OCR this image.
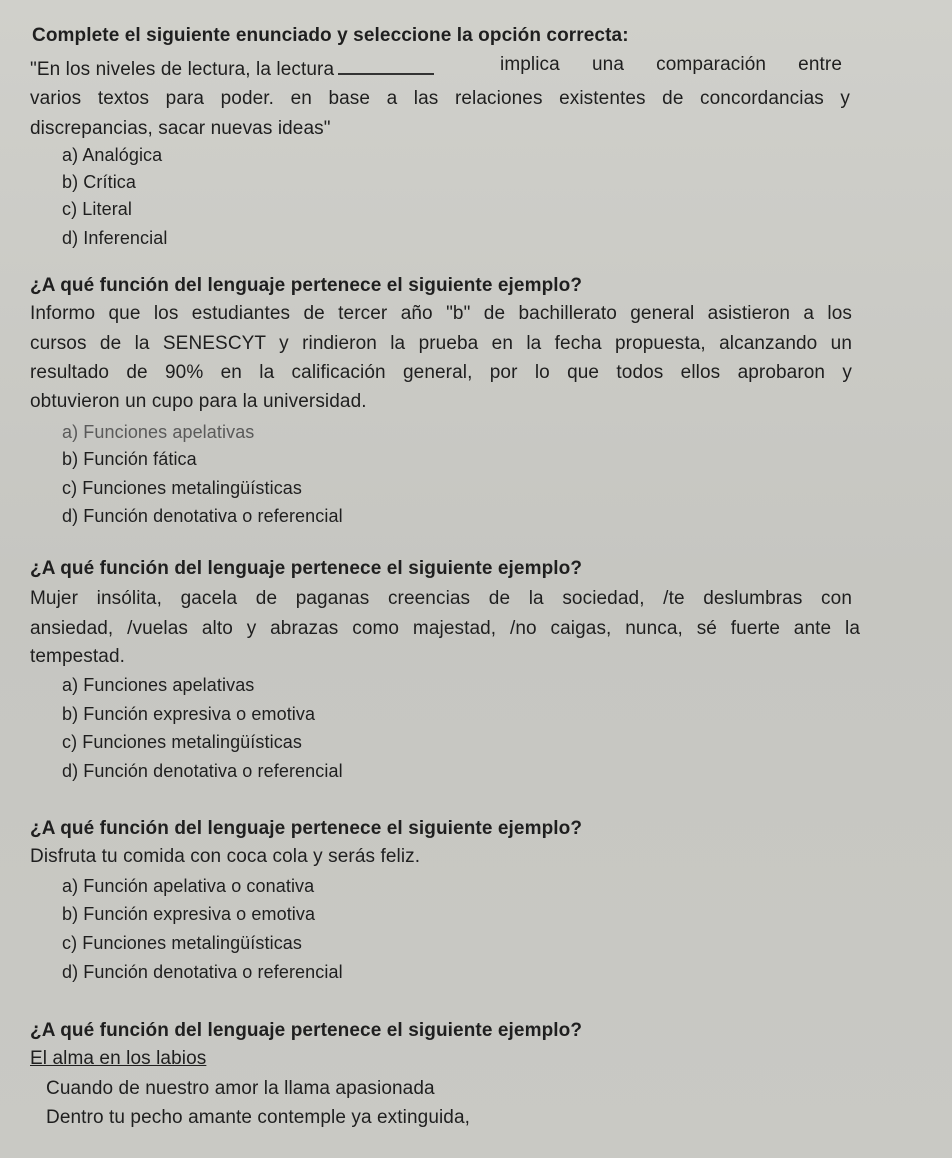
Complete el siguiente enunciado y seleccione la opción correcta:
"En los niveles de lectura, la lectura	implica una comparación entre
varios textos para poder. en base a las relaciones existentes de concordancias y
discrepancias, sacar nuevas ideas"
a) Analógica
b) Crítica
c) Literal
d) Inferencial
¿A qué función del lenguaje pertenece el siguiente ejemplo?
Informo que los estudiantes de tercer año "b" de bachillerato general asistieron a los
cursos de la SENESCYT y rindieron la prueba en la fecha propuesta, alcanzando un
resultado de 90% en la calificación general, por lo que todos ellos aprobaron y
obtuvieron un cupo para la universidad.
a) Funciones apelativas
b) Función fática
c) Funciones metalingüísticas
d) Función denotativa o referencial
¿A qué función del lenguaje pertenece el siguiente ejemplo?
Mujer insólita, gacela de paganas creencias de la sociedad, /te deslumbras con
ansiedad, /vuelas alto y abrazas como majestad, /no caigas, nunca, sé fuerte ante la
tempestad.
a) Funciones apelativas
b) Función expresiva o emotiva
c) Funciones metalingüísticas
d) Función denotativa o referencial
¿A qué función del lenguaje pertenece el siguiente ejemplo?
Disfruta tu comida con coca cola y serás feliz.
a) Función apelativa o conativa
b) Función expresiva o emotiva
c) Funciones metalingüísticas
d) Función denotativa o referencial
¿A qué función del lenguaje pertenece el siguiente ejemplo?
El alma en los labios
Cuando de nuestro amor la llama apasionada
Dentro tu pecho amante contemple ya extinguida,
